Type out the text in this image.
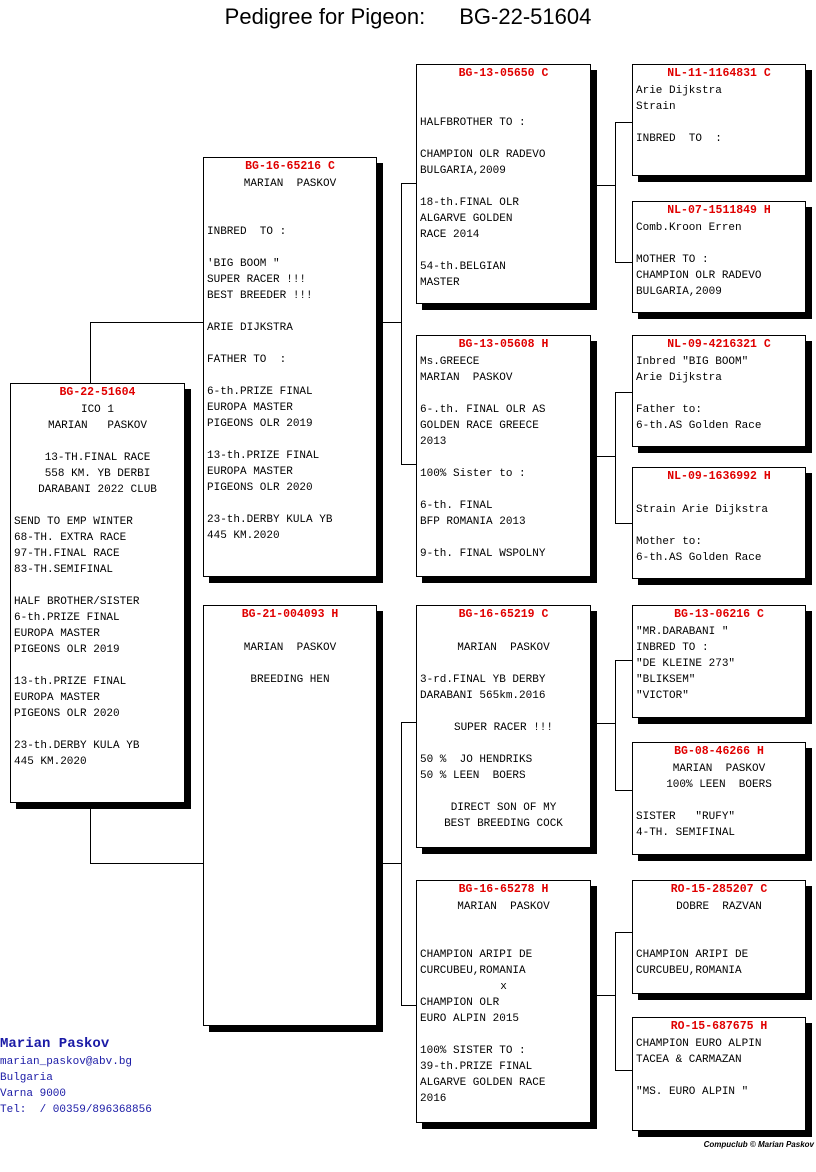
Pedigree for Pigeon: BG-22-51604
BG-22-51604
ICO 1
MARIAN   PASKOV
13-TH.FINAL RACE
558 KM. YB DERBI
DARABANI 2022 CLUB
SEND TO EMP WINTER
68-TH. EXTRA RACE
97-TH.FINAL RACE
83-TH.SEMIFINAL
HALF BROTHER/SISTER
6-th.PRIZE FINAL
EUROPA MASTER
PIGEONS OLR 2019
13-th.PRIZE FINAL
EUROPA MASTER
PIGEONS OLR 2020
23-th.DERBY KULA YB
445 KM.2020
BG-16-65216 C
MARIAN  PASKOV
INBRED  TO :
'BIG BOOM "
SUPER RACER !!!
BEST BREEDER !!!
ARIE DIJKSTRA
FATHER TO  :
6-th.PRIZE FINAL
EUROPA MASTER
PIGEONS OLR 2019
13-th.PRIZE FINAL
EUROPA MASTER
PIGEONS OLR 2020
23-th.DERBY KULA YB
445 KM.2020
BG-21-004093 H
MARIAN  PASKOV
BREEDING HEN
BG-13-05650 C
HALFBROTHER TO :
CHAMPION OLR RADEVO
BULGARIA,2009
18-th.FINAL OLR
ALGARVE GOLDEN
RACE 2014
54-th.BELGIAN
MASTER
BG-13-05608 H
Ms.GREECE
MARIAN  PASKOV
6-.th. FINAL OLR AS
GOLDEN RACE GREECE
2013
100% Sister to :
6-th. FINAL
BFP ROMANIA 2013
9-th. FINAL WSPOLNY
BG-16-65219 C
MARIAN  PASKOV
3-rd.FINAL YB DERBY
DARABANI 565km.2016
SUPER RACER !!!
50 %  JO HENDRIKS
50 % LEEN  BOERS
DIRECT SON OF MY
BEST BREEDING COCK
BG-16-65278 H
MARIAN  PASKOV
CHAMPION ARIPI DE
CURCUBEU,ROMANIA
x
CHAMPION OLR
EURO ALPIN 2015
100% SISTER TO :
39-th.PRIZE FINAL
ALGARVE GOLDEN RACE
2016
NL-11-1164831 C
Arie Dijkstra
Strain
INBRED  TO  :
NL-07-1511849 H
Comb.Kroon Erren
MOTHER TO :
CHAMPION OLR RADEVO
BULGARIA,2009
NL-09-4216321 C
Inbred "BIG BOOM"
Arie Dijkstra
Father to:
6-th.AS Golden Race
NL-09-1636992 H
Strain Arie Dijkstra
Mother to:
6-th.AS Golden Race
BG-13-06216 C
"MR.DARABANI "
INBRED TO :
"DE KLEINE 273"
"BLIKSEM"
"VICTOR"
BG-08-46266 H
MARIAN  PASKOV
100% LEEN  BOERS
SISTER   "RUFY"
4-TH. SEMIFINAL
RO-15-285207 C
DOBRE  RAZVAN
CHAMPION ARIPI DE
CURCUBEU,ROMANIA
RO-15-687675 H
CHAMPION EURO ALPIN
TACEA & CARMAZAN
"MS. EURO ALPIN "
Marian Paskov
marian_paskov@abv.bg
Bulgaria
Varna 9000
Tel:  / 00359/896368856
Compuclub © Marian Paskov
